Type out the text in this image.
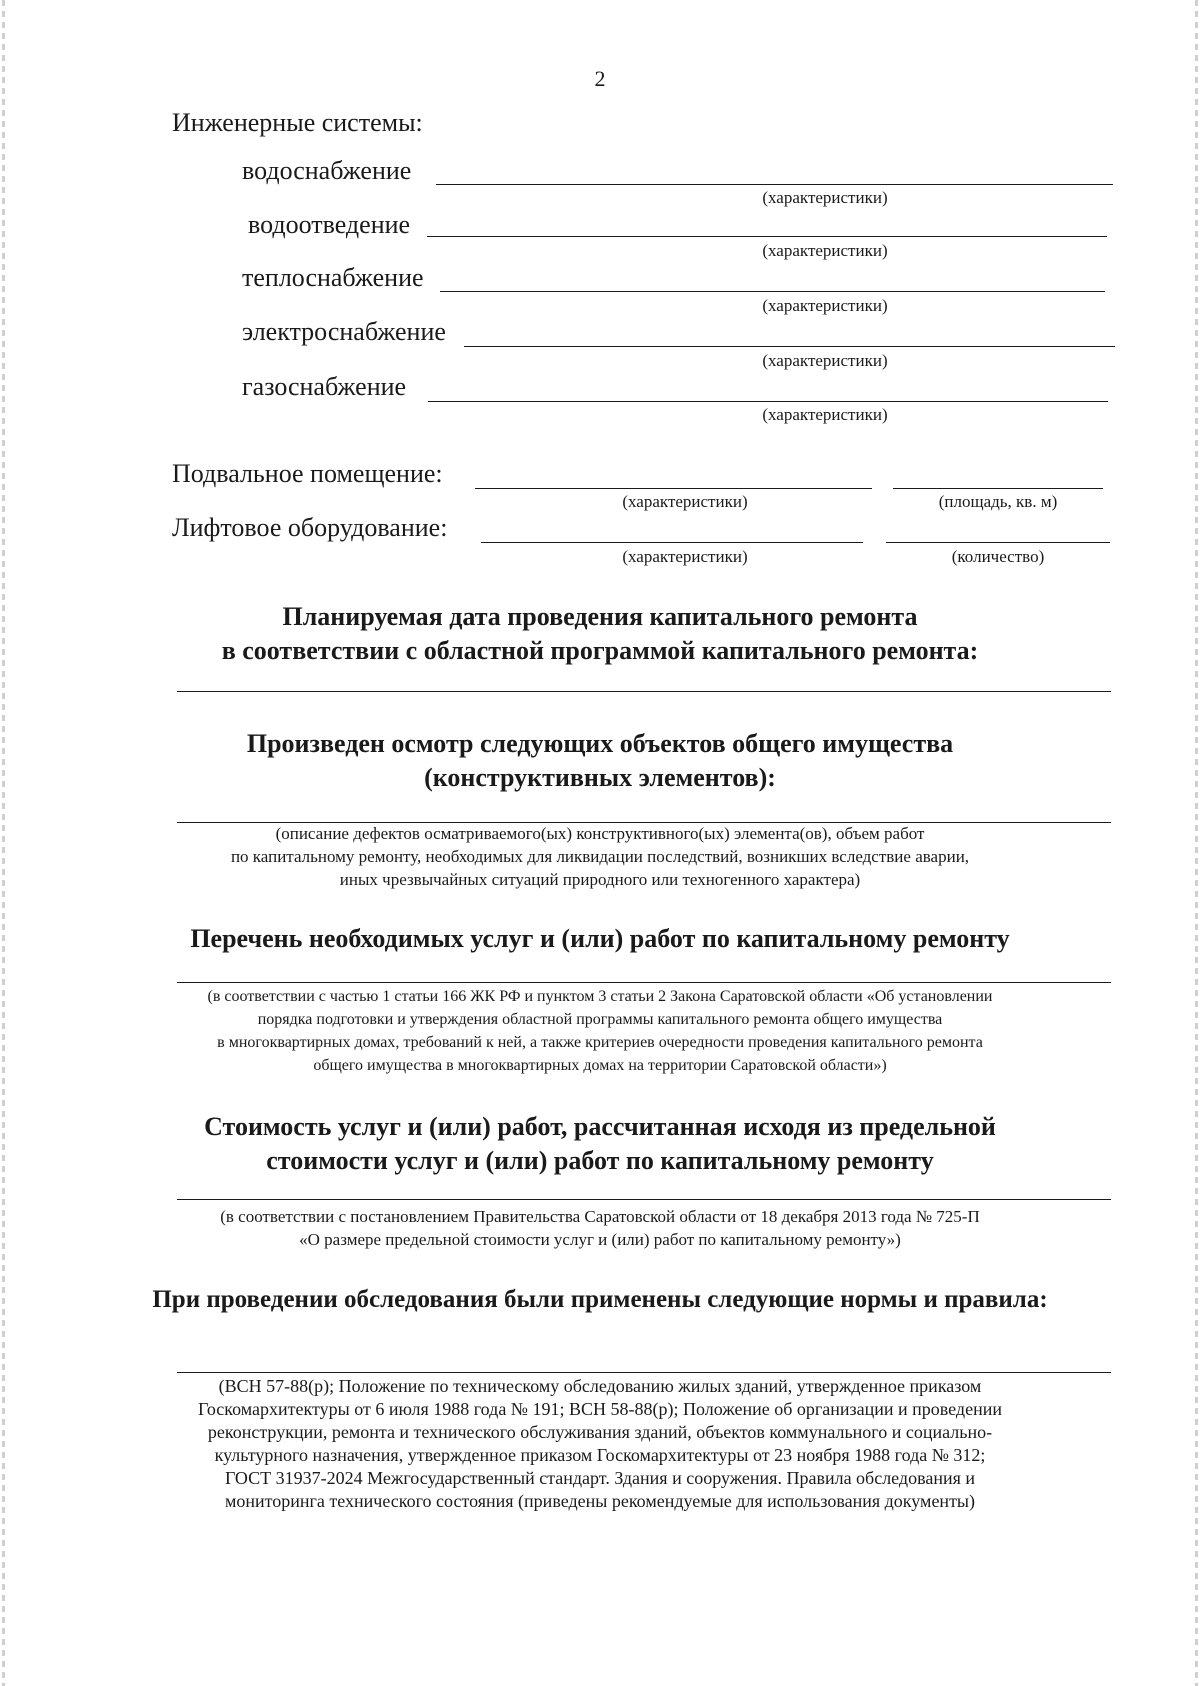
2
Инженерные системы:
водоснабжение
(характеристики)
водоотведение
(характеристики)
теплоснабжение
(характеристики)
электроснабжение
(характеристики)
газоснабжение
(характеристики)
Подвальное помещение:
(характеристики)	(площадь, кв. м)
Лифтовое оборудование:
(характеристики)	(количество)
Планируемая дата проведения капитального ремонта
в соответствии с областной программой капитального ремонта:
Произведен осмотр следующих объектов общего имущества
(конструктивных элементов):
(описание дефектов осматриваемого(ых) конструктивного(ых) элемента(ов), объем работ
по капитальному ремонту, необходимых для ликвидации последствий, возникших вследствие аварии,
иных чрезвычайных ситуаций природного или техногенного характера)
Перечень необходимых услуг и (или) работ по капитальному ремонту
(в соответствии с частью 1 статьи 166 ЖК РФ и пунктом 3 статьи 2 Закона Саратовской области «Об установлении
порядка подготовки и утверждения областной программы капитального ремонта общего имущества
в многоквартирных домах, требований к ней, а также критериев очередности проведения капитального ремонта
общего имущества в многоквартирных домах на территории Саратовской области»)
Стоимость услуг и (или) работ, рассчитанная исходя из предельной
стоимости услуг и (или) работ по капитальному ремонту
(в соответствии с постановлением Правительства Саратовской области от 18 декабря 2013 года № 725-П
«О размере предельной стоимости услуг и (или) работ по капитальному ремонту»)
При проведении обследования были применены следующие нормы и правила:
(ВСН 57-88(р); Положение по техническому обследованию жилых зданий, утвержденное приказом
Госкомархитектуры от 6 июля 1988 года № 191; ВСН 58-88(р); Положение об организации и проведении
реконструкции, ремонта и технического обслуживания зданий, объектов коммунального и социально-
культурного назначения, утвержденное приказом Госкомархитектуры от 23 ноября 1988 года № 312;
ГОСТ 31937-2024 Межгосударственный стандарт. Здания и сооружения. Правила обследования и
мониторинга технического состояния (приведены рекомендуемые для использования документы)
